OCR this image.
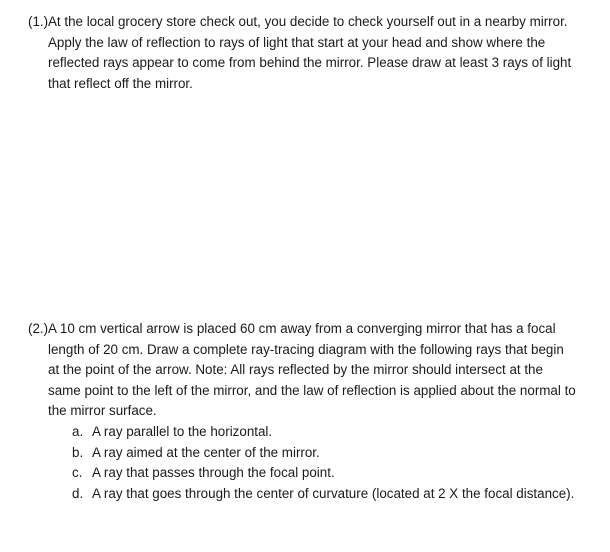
(1.) At the local grocery store check out, you decide to check yourself out in a nearby mirror. Apply the law of reflection to rays of light that start at your head and show where the reflected rays appear to come from behind the mirror. Please draw at least 3 rays of light that reflect off the mirror.
(2.) A 10 cm vertical arrow is placed 60 cm away from a converging mirror that has a focal length of 20 cm. Draw a complete ray-tracing diagram with the following rays that begin at the point of the arrow. Note: All rays reflected by the mirror should intersect at the same point to the left of the mirror, and the law of reflection is applied about the normal to the mirror surface.
a. A ray parallel to the horizontal.
b. A ray aimed at the center of the mirror.
c. A ray that passes through the focal point.
d. A ray that goes through the center of curvature (located at 2 X the focal distance).
